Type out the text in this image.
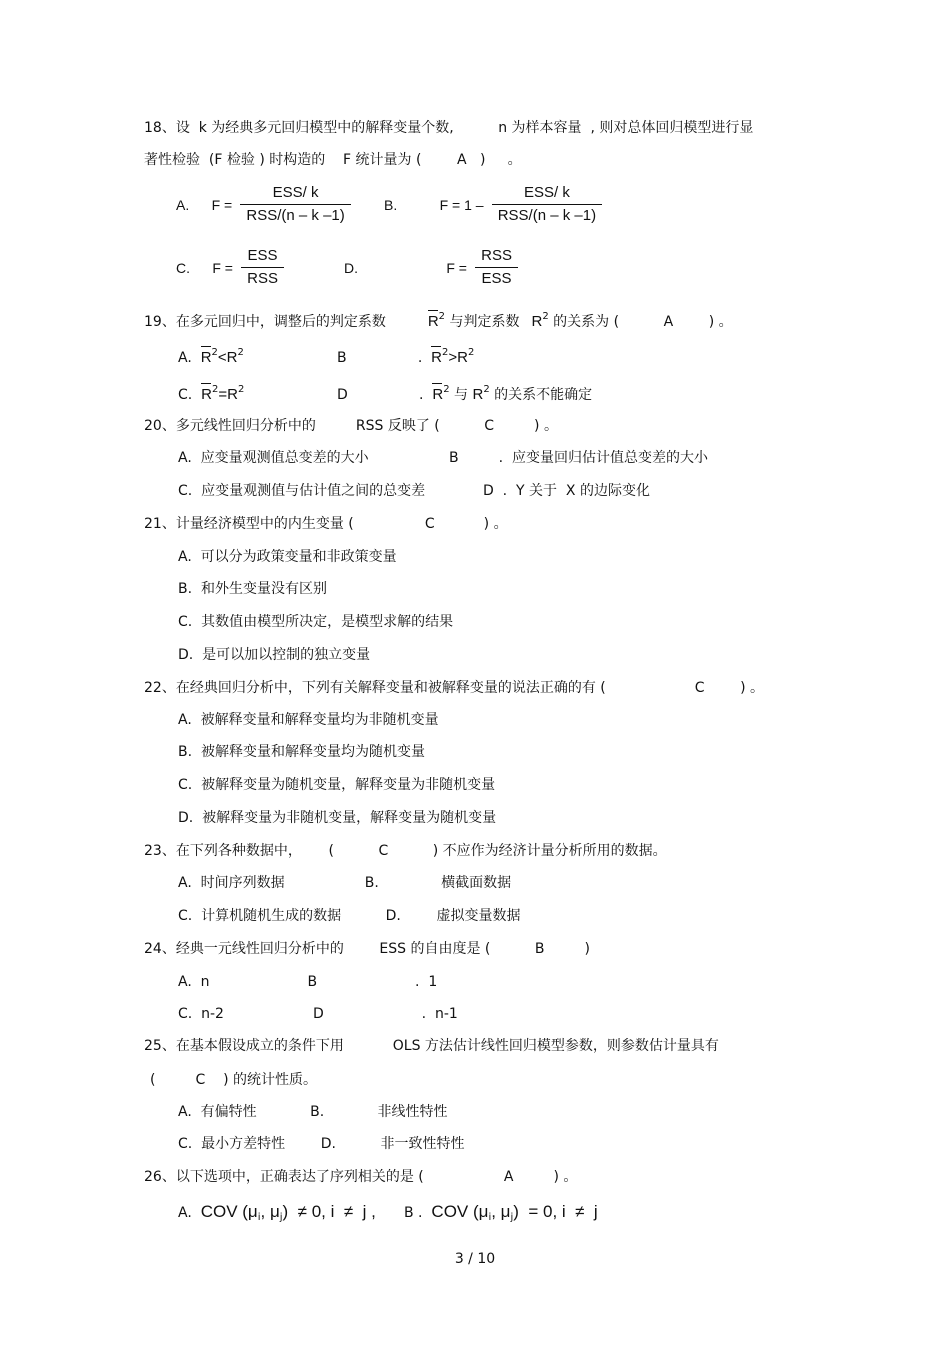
18、设  k 为经典多元回归模型中的解释变量个数,          n 为样本容量  , 则对总体回归模型进行显
著性检验  (F 检验 ) 时构造的    F 统计量为 (        A   )     。
A. $F = \frac{\text{ESS/ k}}{\text{RSS/(n – k –1)}} B$.	$F = 1 - \frac{\text{ESS/ k}}{\text{RSS/(n – k –1)}}$
C. $F = \frac{\text{ESS}}{\text{RSS}}$	D.	$F = \frac{\text{RSS}}{\text{ESS}}$
19、在多元回归中，调整后的判定系数	$R^2$ 与判定系数 $R^2$ 的关系为 (          A        ) 。
A. $R^2<R^2$	B	. $R^2>R^2$
C. $R^2=R^2$	D	. $R^2$ 与 $R^2$ 的关系不能确定
20、多元线性回归分析中的         RSS 反映了 (          C         ) 。
A.  应变量观测值总变差的大小	B         .  应变量回归估计值总变差的大小
C.  应变量观测值与估计值之间的总变差	D  .  Y 关于  X 的边际变化
21、计量经济模型中的内生变量 (                C           ) 。
A.  可以分为政策变量和非政策变量
B.  和外生变量没有区别
C.  其数值由模型所决定，是模型求解的结果
D.  是可以加以控制的独立变量
22、在经典回归分析中，下列有关解释变量和被解释变量的说法正确的有 (                    C        ) 。
A.  被解释变量和解释变量均为非随机变量
B.  被解释变量和解释变量均为随机变量
C.  被解释变量为随机变量，解释变量为非随机变量
D.  被解释变量为非随机变量，解释变量为随机变量
23、在下列各种数据中，      (          C          ) 不应作为经济计量分析所用的数据。
A.  时间序列数据                  B.              横截面数据
C.  计算机随机生成的数据          D.        虚拟变量数据
24、经典一元线性回归分析中的        ESS 的自由度是 (          B         )
A.  n                      B                      .  1
C.  n-2                    D                      .  n-1
25、在基本假设成立的条件下用           OLS 方法估计线性回归模型参数，则参数估计量具有
(         C    ) 的统计性质。
A.  有偏特性            B.            非线性特性
C.  最小方差特性        D.          非一致性特性
26、以下选项中，正确表达了序列相关的是 (                  A         ) 。
A. COV ($\mu_i$, $\mu_j) \ne 0$, i  ≠  j , B . COV ($\mu_i$, $\mu_j) = 0$, i  ≠  j
3 / 10
